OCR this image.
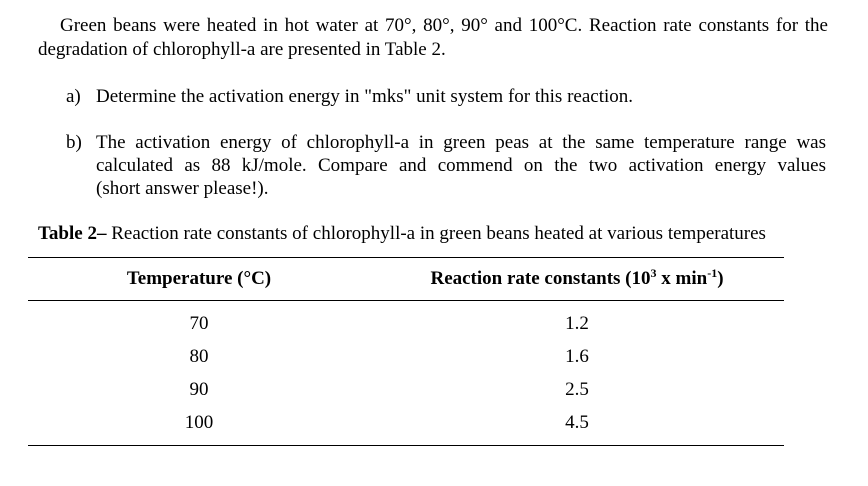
Green beans were heated in hot water at 70°, 80°, 90° and 100°C. Reaction rate constants for the degradation of chlorophyll-a are presented in Table 2.

a) Determine the activation energy in "mks" unit system for this reaction.
b) The activation energy of chlorophyll-a in green peas at the same temperature range was
calculated as 88 kJ/mole. Compare and commend on the two activation energy values
(short answer please!).

Table 2– Reaction rate constants of chlorophyll-a in green beans heated at various temperatures

Temperature (°C)	Reaction rate constants ($10^3$ x $\min^{-1}$)
70	1.2
80	1.6
90	2.5
100	4.5
